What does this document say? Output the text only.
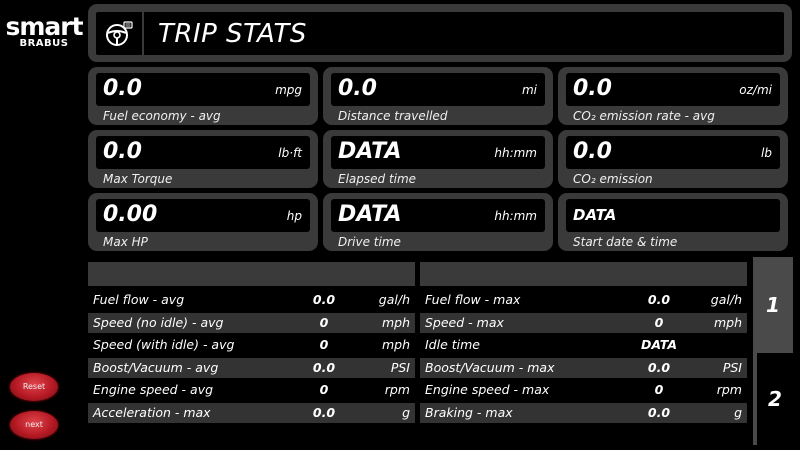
smart
BRABUS	TRIP STATS
Reset
next
0.0	mpg
Fuel economy - avg
0.0	mi
Distance travelled
0.0	oz/mi
CO₂ emission rate - avg
0.0	lb·ft
Max Torque
DATA	hh:mm
Elapsed time
0.0	lb
CO₂ emission
0.00	hp
Max HP
DATA	hh:mm
Drive time
DATA
Start date & time
Fuel flow - avg	0.0	gal/h
Speed (no idle) - avg	0	mph
Speed (with idle) - avg	0	mph
Boost/Vacuum - avg	0.0	PSI
Engine speed - avg	0	rpm
Acceleration - max	0.0	g
Fuel flow - max	0.0	gal/h
Speed - max	0	mph
Idle time	DATA
Boost/Vacuum - max	0.0	PSI
Engine speed - max	0	rpm
Braking - max	0.0	g
1
2
